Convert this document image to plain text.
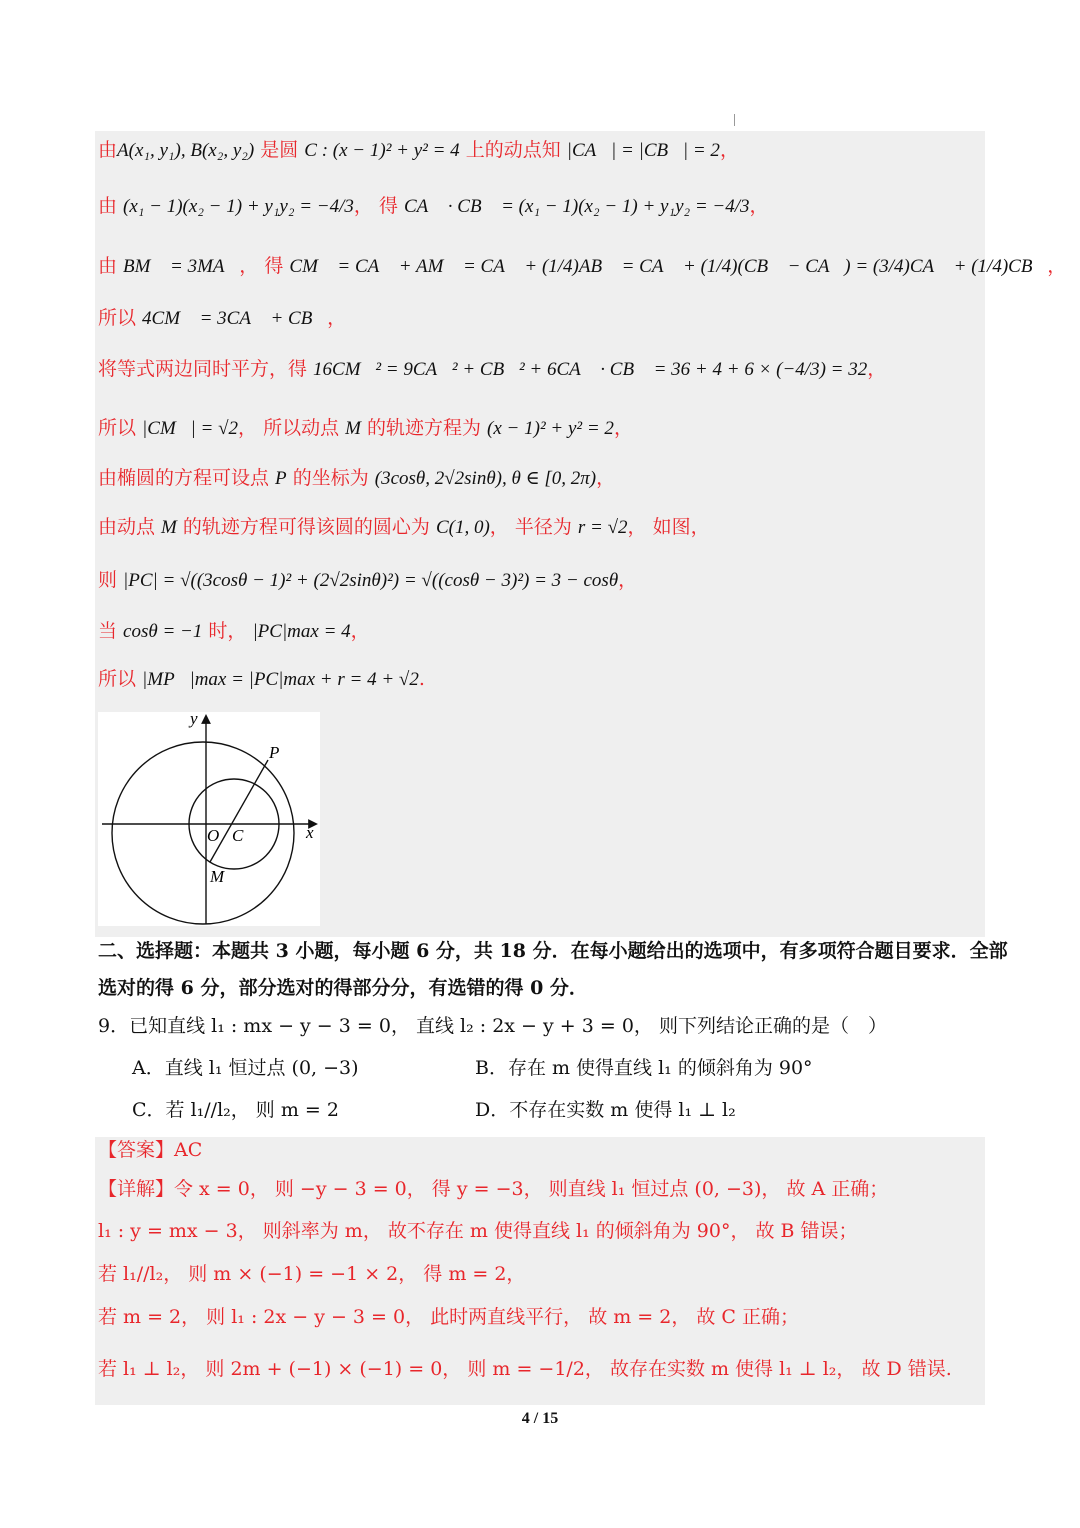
由A(x₁, y₁), B(x₂, y₂) 是圆 C : (x − 1)² + y² = 4 上的动点知 |CA⃗| = |CB⃗| = 2，
由 (x₁ − 1)(x₂ − 1) + y₁y₂ = −4/3， 得 CA⃗ · CB⃗ = (x₁ − 1)(x₂ − 1) + y₁y₂ = −4/3，
由 BM⃗ = 3MA⃗， 得 CM⃗ = CA⃗ + AM⃗ = CA⃗ + (1/4)AB⃗ = CA⃗ + (1/4)(CB⃗ − CA⃗) = (3/4)CA⃗ + (1/4)CB⃗，
所以 4CM⃗ = 3CA⃗ + CB⃗，
将等式两边同时平方，得 16CM⃗² = 9CA⃗² + CB⃗² + 6CA⃗ · CB⃗ = 36 + 4 + 6 × (−4/3) = 32，
所以 |CM⃗| = √2， 所以动点 M 的轨迹方程为 (x − 1)² + y² = 2，
由椭圆的方程可设点 P 的坐标为 (3cosθ, 2√2sinθ), θ ∈ [0, 2π)，
由动点 M 的轨迹方程可得该圆的圆心为 C(1, 0)， 半径为 r = √2， 如图，
则 |PC| = √((3cosθ − 1)² + (2√2sinθ)²) = √((cosθ − 3)²) = 3 − cosθ，
当 cosθ = −1 时， |PC|max = 4，
所以 |MP⃗|max = |PC|max + r = 4 + √2.
y
x
P
O C
M
二、选择题：本题共 3 小题，每小题 6 分，共 18 分．在每小题给出的选项中，有多项符合题目要求．全部
选对的得 6 分，部分选对的得部分分，有选错的得 0 分．
9．已知直线 l₁ : mx − y − 3 = 0， 直线 l₂ : 2x − y + 3 = 0， 则下列结论正确的是（　）
A．直线 l₁ 恒过点 (0, −3)	B．存在 m 使得直线 l₁ 的倾斜角为 90°
C．若 l₁//l₂， 则 m = 2	D．不存在实数 m 使得 l₁ ⊥ l₂
【答案】AC
【详解】令 x = 0， 则 −y − 3 = 0， 得 y = −3， 则直线 l₁ 恒过点 (0, −3)， 故 A 正确；
l₁ : y = mx − 3， 则斜率为 m， 故不存在 m 使得直线 l₁ 的倾斜角为 90°， 故 B 错误；
若 l₁//l₂， 则 m × (−1) = −1 × 2， 得 m = 2，
若 m = 2， 则 l₁ : 2x − y − 3 = 0， 此时两直线平行， 故 m = 2， 故 C 正确；
若 l₁ ⊥ l₂， 则 2m + (−1) × (−1) = 0， 则 m = −1/2， 故存在实数 m 使得 l₁ ⊥ l₂， 故 D 错误.
4 / 15
